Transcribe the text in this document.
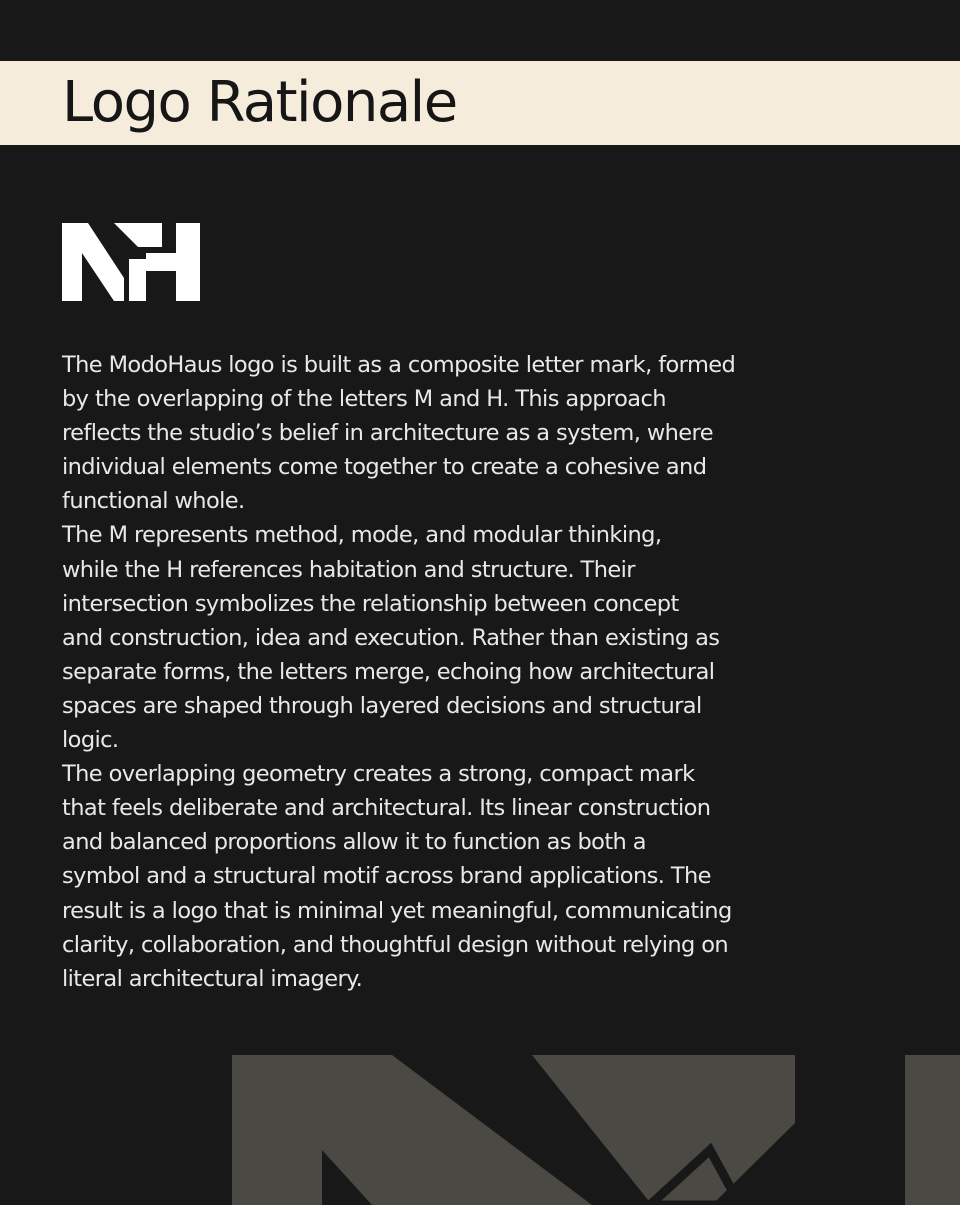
Logo Rationale

The ModoHaus logo is built as a composite letter mark, formed

by the overlapping of the letters M and H. This approach

reflects the studio’s belief in architecture as a system, where

individual elements come together to create a cohesive and

functional whole.

The M represents method, mode, and modular thinking,

while the H references habitation and structure. Their

intersection symbolizes the relationship between concept

and construction, idea and execution. Rather than existing as

separate forms, the letters merge, echoing how architectural

spaces are shaped through layered decisions and structural

logic.

The overlapping geometry creates a strong, compact mark

that feels deliberate and architectural. Its linear construction

and balanced proportions allow it to function as both a

symbol and a structural motif across brand applications. The

result is a logo that is minimal yet meaningful, communicating

clarity, collaboration, and thoughtful design without relying on

literal architectural imagery.
